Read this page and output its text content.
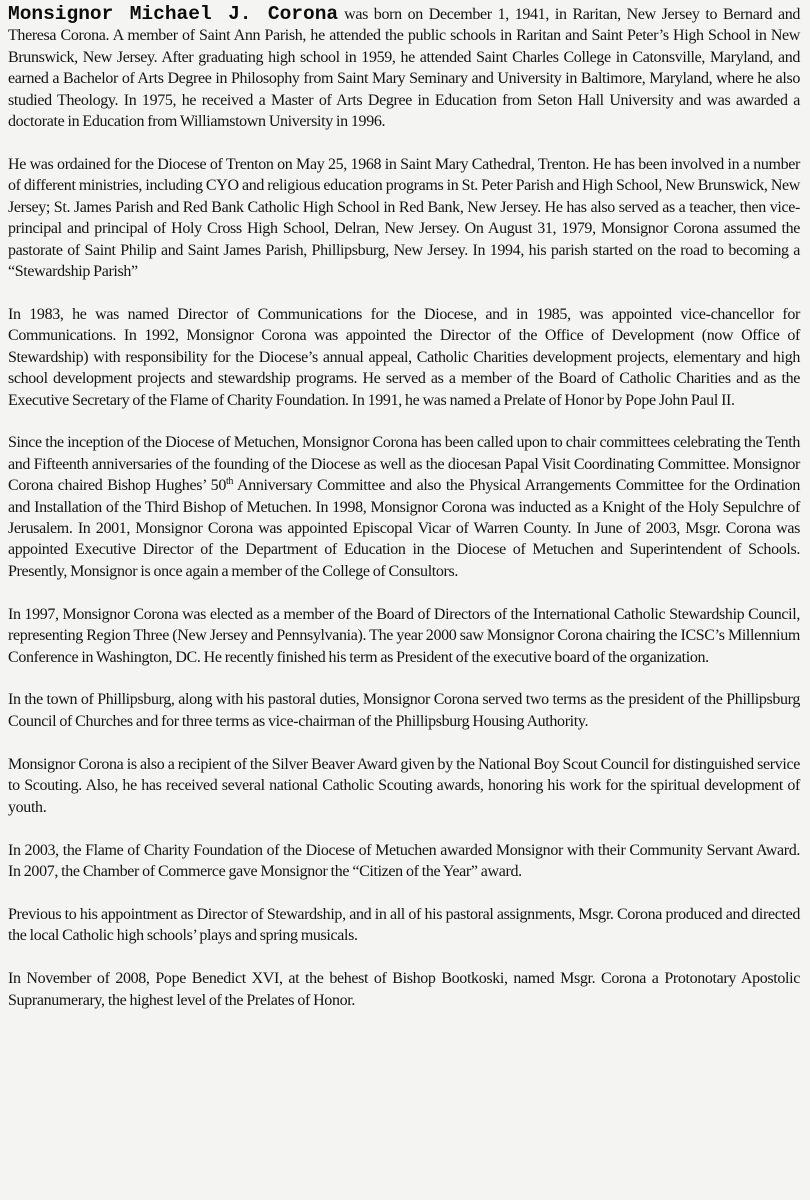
Monsignor Michael J. Corona was born on December 1, 1941, in Raritan, New Jersey to Bernard and Theresa Corona. A member of Saint Ann Parish, he attended the public schools in Raritan and Saint Peter’s High School in New Brunswick, New Jersey. After graduating high school in 1959, he attended Saint Charles College in Catonsville, Maryland, and earned a Bachelor of Arts Degree in Philosophy from Saint Mary Seminary and University in Baltimore, Maryland, where he also studied Theology. In 1975, he received a Master of Arts Degree in Education from Seton Hall University and was awarded a doctorate in Education from Williamstown University in 1996.

He was ordained for the Diocese of Trenton on May 25, 1968 in Saint Mary Cathedral, Trenton. He has been involved in a number of different ministries, including CYO and religious education programs in St. Peter Parish and High School, New Brunswick, New Jersey; St. James Parish and Red Bank Catholic High School in Red Bank, New Jersey. He has also served as a teacher, then vice-principal and principal of Holy Cross High School, Delran, New Jersey. On August 31, 1979, Monsignor Corona assumed the pastorate of Saint Philip and Saint James Parish, Phillipsburg, New Jersey. In 1994, his parish started on the road to becoming a “Stewardship Parish”

In 1983, he was named Director of Communications for the Diocese, and in 1985, was appointed vice-chancellor for Communications. In 1992, Monsignor Corona was appointed the Director of the Office of Development (now Office of Stewardship) with responsibility for the Diocese’s annual appeal, Catholic Charities development projects, elementary and high school development projects and stewardship programs. He served as a member of the Board of Catholic Charities and as the Executive Secretary of the Flame of Charity Foundation. In 1991, he was named a Prelate of Honor by Pope John Paul II.

Since the inception of the Diocese of Metuchen, Monsignor Corona has been called upon to chair committees celebrating the Tenth and Fifteenth anniversaries of the founding of the Diocese as well as the diocesan Papal Visit Coordinating Committee. Monsignor Corona chaired Bishop Hughes’ 50th Anniversary Committee and also the Physical Arrangements Committee for the Ordination and Installation of the Third Bishop of Metuchen. In 1998, Monsignor Corona was inducted as a Knight of the Holy Sepulchre of Jerusalem. In 2001, Monsignor Corona was appointed Episcopal Vicar of Warren County. In June of 2003, Msgr. Corona was appointed Executive Director of the Department of Education in the Diocese of Metuchen and Superintendent of Schools. Presently, Monsignor is once again a member of the College of Consultors.

In 1997, Monsignor Corona was elected as a member of the Board of Directors of the International Catholic Stewardship Council, representing Region Three (New Jersey and Pennsylvania). The year 2000 saw Monsignor Corona chairing the ICSC’s Millennium Conference in Washington, DC. He recently finished his term as President of the executive board of the organization.

In the town of Phillipsburg, along with his pastoral duties, Monsignor Corona served two terms as the president of the Phillipsburg Council of Churches and for three terms as vice-chairman of the Phillipsburg Housing Authority.

Monsignor Corona is also a recipient of the Silver Beaver Award given by the National Boy Scout Council for distinguished service to Scouting. Also, he has received several national Catholic Scouting awards, honoring his work for the spiritual development of youth.

In 2003, the Flame of Charity Foundation of the Diocese of Metuchen awarded Monsignor with their Community Servant Award. In 2007, the Chamber of Commerce gave Monsignor the “Citizen of the Year” award.

Previous to his appointment as Director of Stewardship, and in all of his pastoral assignments, Msgr. Corona produced and directed the local Catholic high schools’ plays and spring musicals.

In November of 2008, Pope Benedict XVI, at the behest of Bishop Bootkoski, named Msgr. Corona a Protonotary Apostolic Supranumerary, the highest level of the Prelates of Honor.
